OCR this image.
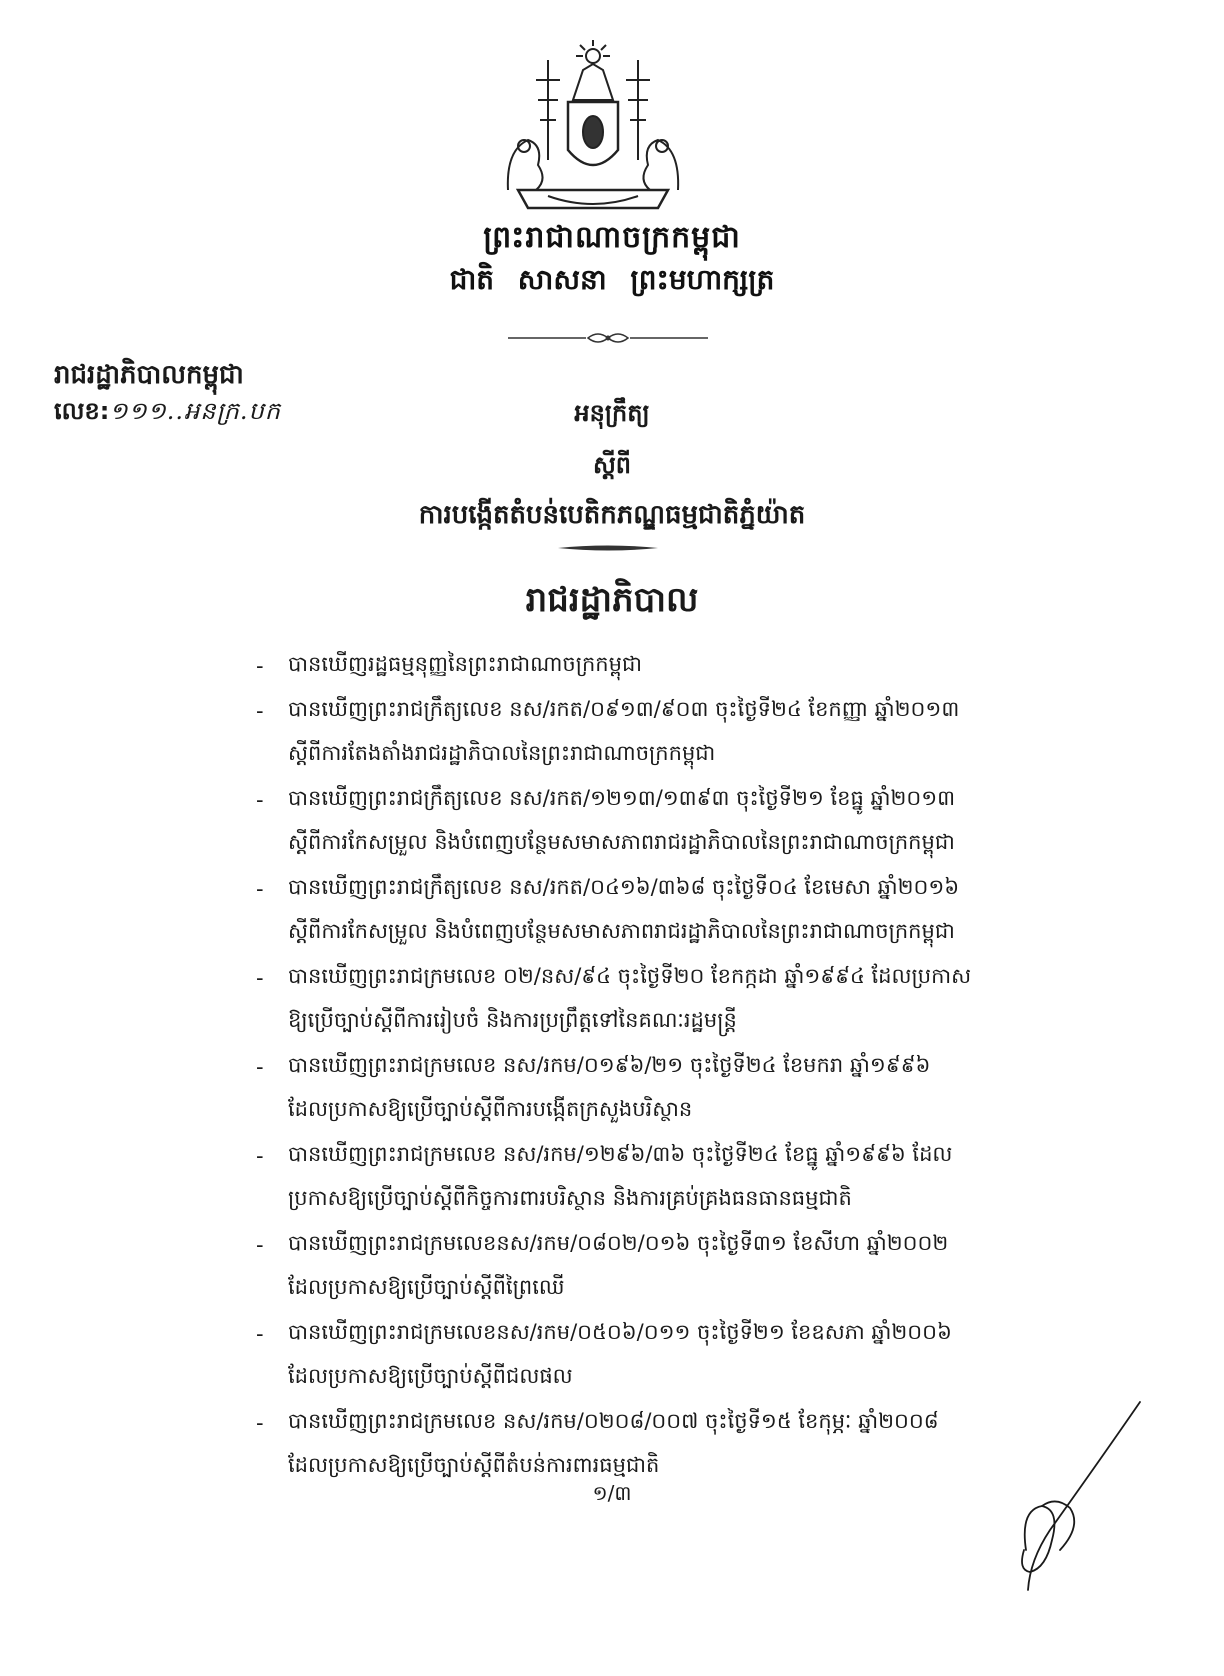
ព្រះរាជាណាចក្រកម្ពុជា
ជាតិ សាសនា ព្រះមហាក្សត្រ
រាជរដ្ឋាភិបាលកម្ពុជា
លេខ:១១១..អនក្រ.បក	អនុក្រឹត្យ
ស្តីពី
ការបង្កើតតំបន់បេតិកភណ្ឌធម្មជាតិភ្នំយ៉ាត
រាជរដ្ឋាភិបាល
- បានឃើញរដ្ឋធម្មនុញ្ញនៃព្រះរាជាណាចក្រកម្ពុជា
- បានឃើញព្រះរាជក្រឹត្យលេខ នស/រកត/០៩១៣/៩០៣ ចុះថ្ងៃទី២៤ ខែកញ្ញា ឆ្នាំ២០១៣
ស្តីពីការតែងតាំងរាជរដ្ឋាភិបាលនៃព្រះរាជាណាចក្រកម្ពុជា
- បានឃើញព្រះរាជក្រឹត្យលេខ នស/រកត/១២១៣/១៣៩៣ ចុះថ្ងៃទី២១ ខែធ្នូ ឆ្នាំ២០១៣
ស្តីពីការកែសម្រួល និងបំពេញបន្ថែមសមាសភាពរាជរដ្ឋាភិបាលនៃព្រះរាជាណាចក្រកម្ពុជា
- បានឃើញព្រះរាជក្រឹត្យលេខ នស/រកត/០៤១៦/៣៦៨ ចុះថ្ងៃទី០៤ ខែមេសា ឆ្នាំ២០១៦
ស្តីពីការកែសម្រួល និងបំពេញបន្ថែមសមាសភាពរាជរដ្ឋាភិបាលនៃព្រះរាជាណាចក្រកម្ពុជា
- បានឃើញព្រះរាជក្រមលេខ ០២/នស/៩៤ ចុះថ្ងៃទី២០ ខែកក្កដា ឆ្នាំ១៩៩៤ ដែលប្រកាស
ឱ្យប្រើច្បាប់ស្តីពីការរៀបចំ និងការប្រព្រឹត្តទៅនៃគណៈរដ្ឋមន្ត្រី
- បានឃើញព្រះរាជក្រមលេខ នស/រកម/០១៩៦/២១ ចុះថ្ងៃទី២៤ ខែមករា ឆ្នាំ១៩៩៦
ដែលប្រកាសឱ្យប្រើច្បាប់ស្តីពីការបង្កើតក្រសួងបរិស្ថាន
- បានឃើញព្រះរាជក្រមលេខ នស/រកម/១២៩៦/៣៦ ចុះថ្ងៃទី២៤ ខែធ្នូ ឆ្នាំ១៩៩៦ ដែល
ប្រកាសឱ្យប្រើច្បាប់ស្តីពីកិច្ចការពារបរិស្ថាន និងការគ្រប់គ្រងធនធានធម្មជាតិ
- បានឃើញព្រះរាជក្រមលេខនស/រកម/០៨០២/០១៦ ចុះថ្ងៃទី៣១ ខែសីហា ឆ្នាំ២០០២
ដែលប្រកាសឱ្យប្រើច្បាប់ស្តីពីព្រៃឈើ
- បានឃើញព្រះរាជក្រមលេខនស/រកម/០៥០៦/០១១ ចុះថ្ងៃទី២១ ខែឧសភា ឆ្នាំ២០០៦
ដែលប្រកាសឱ្យប្រើច្បាប់ស្តីពីជលផល
- បានឃើញព្រះរាជក្រមលេខ នស/រកម/០២០៨/០០៧ ចុះថ្ងៃទី១៥ ខែកុម្ភៈ ឆ្នាំ២០០៨
ដែលប្រកាសឱ្យប្រើច្បាប់ស្តីពីតំបន់ការពារធម្មជាតិ
១/៣
